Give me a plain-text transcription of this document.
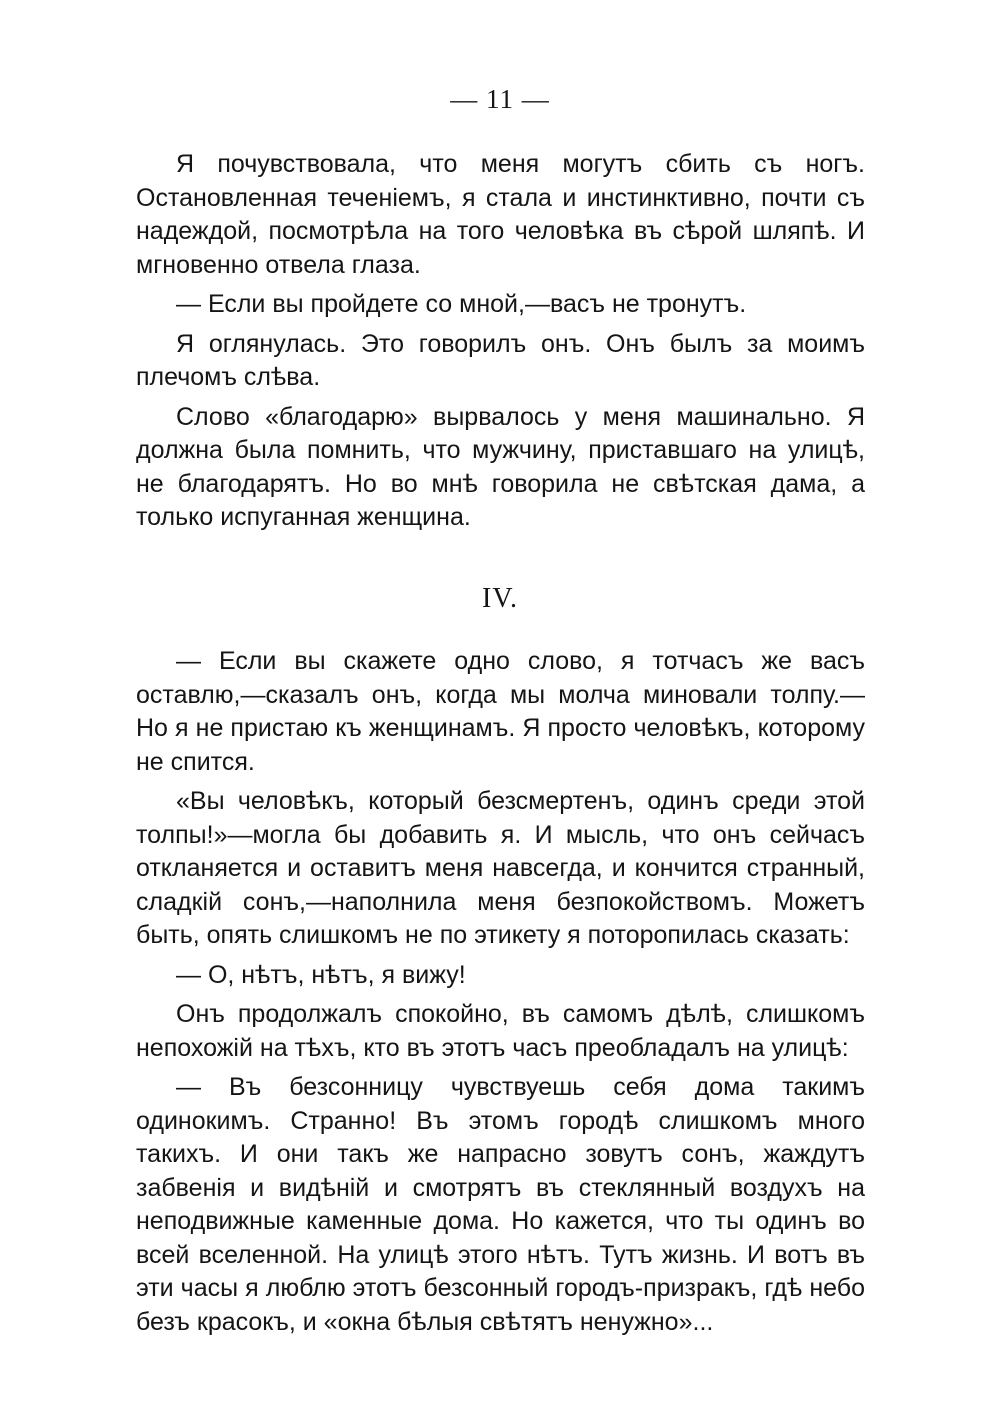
— 11 —

Я почувствовала, что меня могутъ сбить съ ногъ. Остановленная теченіемъ, я стала и инстинктивно, почти съ надеждой, посмотрѣла на того человѣка въ сѣрой шляпѣ. И мгновенно отвела глаза.

— Если вы пройдете со мной,—васъ не тронутъ.

Я оглянулась. Это говорилъ онъ. Онъ былъ за моимъ плечомъ слѣва.

Слово «благодарю» вырвалось у меня машинально. Я должна была помнить, что мужчину, приставшаго на улицѣ, не благодарятъ. Но во мнѣ говорила не свѣтская дама, а только испуганная женщина.

IV.

— Если вы скажете одно слово, я тотчасъ же васъ оставлю,—сказалъ онъ, когда мы молча миновали толпу.— Но я не пристаю къ женщинамъ. Я просто человѣкъ, которому не спится.

«Вы человѣкъ, который безсмертенъ, одинъ среди этой толпы!»—могла бы добавить я. И мысль, что онъ сейчасъ откланяется и оставитъ меня навсегда, и кончится странный, сладкій сонъ,—наполнила меня безпокойствомъ. Можетъ быть, опять слишкомъ не по этикету я поторопилась сказать:

— О, нѣтъ, нѣтъ, я вижу!

Онъ продолжалъ спокойно, въ самомъ дѣлѣ, слишкомъ непохожій на тѣхъ, кто въ этотъ часъ преобладалъ на улицѣ:

— Въ безсонницу чувствуешь себя дома такимъ одинокимъ. Странно! Въ этомъ городѣ слишкомъ много такихъ. И они такъ же напрасно зовутъ сонъ, жаждутъ забвенія и видѣній и смотрятъ въ стеклянный воздухъ на неподвижные каменные дома. Но кажется, что ты одинъ во всей вселенной. На улицѣ этого нѣтъ. Тутъ жизнь. И вотъ въ эти часы я люблю этотъ безсонный городъ-призракъ, гдѣ небо безъ красокъ, и «окна бѣлыя свѣтятъ ненужно»...
